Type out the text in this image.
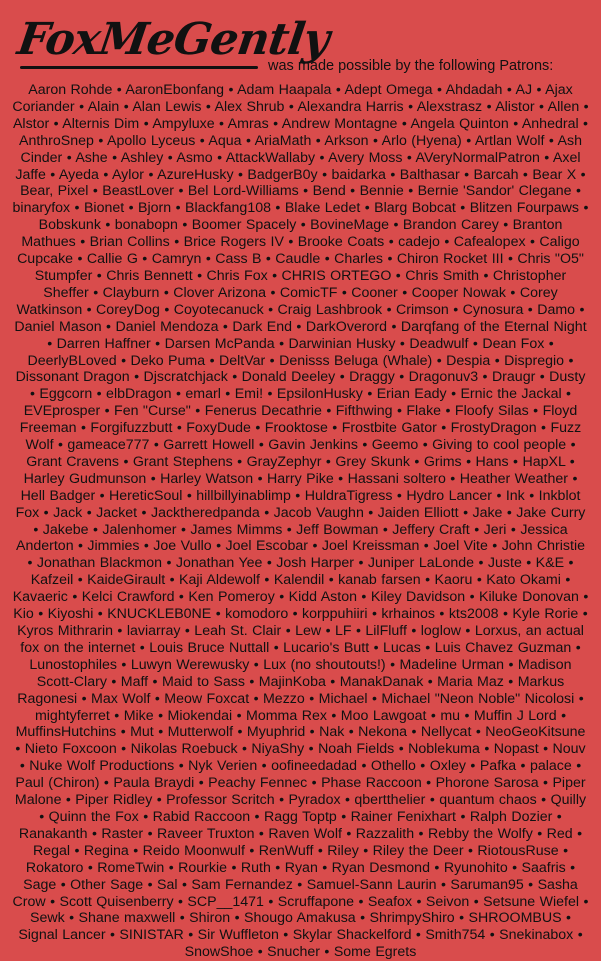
FoxMeGently
was made possible by the following Patrons:
Aaron Rohde • AaronEbonfang • Adam Haapala • Adept Omega • Ahdadah • AJ • Ajax Coriander • Alain • Alan Lewis • Alex Shrub • Alexandra Harris • Alexstrasz • Alistor • Allen • Alstor • Alternis Dim • Ampyluxe • Amras • Andrew Montagne • Angela Quinton • Anhedral • AnthroSnep • Apollo Lyceus • Aqua • AriaMath • Arkson • Arlo (Hyena) • Artlan Wolf • Ash Cinder • Ashe • Ashley • Asmo • AttackWallaby • Avery Moss • AVeryNormalPatron • Axel Jaffe • Ayeda • Aylor • AzureHusky • BadgerB0y • baidarka • Balthasar • Barcah • Bear X • Bear, Pixel • BeastLover • Bel Lord-Williams • Bend • Bennie • Bernie 'Sandor' Clegane • binaryfox • Bionet • Bjorn • Blackfang108 • Blake Ledet • Blarg Bobcat • Blitzen Fourpaws • Bobskunk • bonabopn • Boomer Spacely • BovineMage • Brandon Carey • Branton Mathues • Brian Collins • Brice Rogers IV • Brooke Coats • cadejo • Cafealopex • Caligo Cupcake • Callie G • Camryn • Cass B • Caudle • Charles • Chiron Rocket III • Chris "O5" Stumpfer • Chris Bennett • Chris Fox • CHRIS ORTEGO • Chris Smith • Christopher Sheffer • Clayburn • Clover Arizona • ComicTF • Cooner • Cooper Nowak • Corey Watkinson • CoreyDog • Coyotecanuck • Craig Lashbrook • Crimson • Cynosura • Damo • Daniel Mason • Daniel Mendoza • Dark End • DarkOverord • Darqfang of the Eternal Night • Darren Haffner • Darsen McPanda • Darwinian Husky • Deadwulf • Dean Fox • DeerlyBLoved • Deko Puma • DeltVar • Denisss Beluga (Whale) • Despia • Dispregio • Dissonant Dragon • Djscratchjack • Donald Deeley • Draggy • Dragonuv3 • Draugr • Dusty • Eggcorn • elbDragon • emarl • Emi! • EpsilonHusky • Erian Eady • Ernic the Jackal • EVEprosper • Fen "Curse" • Fenerus Decathrie • Fifthwing • Flake • Floofy Silas • Floyd Freeman • Forgifuzzbutt • FoxyDude • Frooktose • Frostbite Gator • FrostyDragon • Fuzz Wolf • gameace777 • Garrett Howell • Gavin Jenkins • Geemo • Giving to cool people • Grant Cravens • Grant Stephens • GrayZephyr • Grey Skunk • Grims • Hans • HapXL • Harley Gudmunson • Harley Watson • Harry Pike • Hassani soltero • Heather Weather • Hell Badger • HereticSoul • hillbillyinablimp • HuldraTigress • Hydro Lancer • Ink • Inkblot Fox • Jack • Jacket • Jacktheredpanda • Jacob Vaughn • Jaiden Elliott • Jake • Jake Curry • Jakebe • Jalenhomer • James Mimms • Jeff Bowman • Jeffery Craft • Jeri • Jessica Anderton • Jimmies • Joe Vullo • Joel Escobar • Joel Kreissman • Joel Vite • John Christie • Jonathan Blackmon • Jonathan Yee • Josh Harper • Juniper LaLonde • Juste • K&E • Kafzeil • KaideGirault • Kaji Aldewolf • Kalendil • kanab farsen • Kaoru • Kato Okami • Kavaeric • Kelci Crawford • Ken Pomeroy • Kidd Aston • Kiley Davidson • Kiluke Donovan • Kio • Kiyoshi • KNUCKLEB0NE • komodoro • korppuhiiri • krhainos • kts2008 • Kyle Rorie • Kyros Mithrarin • laviarray • Leah St. Clair • Lew • LF • LilFluff • loglow • Lorxus, an actual fox on the internet • Louis Bruce Nuttall • Lucario's Butt • Lucas • Luis Chavez Guzman • Lunostophiles • Luwyn Werewusky • Lux (no shoutouts!) • Madeline Urman • Madison Scott-Clary • Maff • Maid to Sass • MajinKoba • ManakDanak • Maria Maz • Markus Ragonesi • Max Wolf • Meow Foxcat • Mezzo • Michael • Michael "Neon Noble" Nicolosi • mightyferret • Mike • Miokendai • Momma Rex • Moo Lawgoat • mu • Muffin J Lord • MuffinsHutchins • Mut • Mutterwolf • Myuphrid • Nak • Nekona • Nellycat • NeoGeoKitsune • Nieto Foxcoon • Nikolas Roebuck • NiyaShy • Noah Fields • Noblekuma • Nopast • Nouv • Nuke Wolf Productions • Nyk Verien • oofineedadad • Othello • Oxley • Pafka • palace • Paul (Chiron) • Paula Braydi • Peachy Fennec • Phase Raccoon • Phorone Sarosa • Piper Malone • Piper Ridley • Professor Scritch • Pyradox • qbertthelier • quantum chaos • Quilly • Quinn the Fox • Rabid Raccoon • Ragg Toptp • Rainer Fenixhart • Ralph Dozier • Ranakanth • Raster • Raveer Truxton • Raven Wolf • Razzalith • Rebby the Wolfy • Red • Regal • Regina • Reido Moonwulf • RenWuff • Riley • Riley the Deer • RiotousRuse • Rokatoro • RomeTwin • Rourkie • Ruth • Ryan • Ryan Desmond • Ryunohito • Saafris • Sage • Other Sage • Sal • Sam Fernandez • Samuel-Sann Laurin • Saruman95 • Sasha Crow • Scott Quisenberry • SCP__1471 • Scruffapone • Seafox • Seivon • Setsune Wiefel • Sewk • Shane maxwell • Shiron • Shougo Amakusa • ShrimpyShiro • SHROOMBUS • Signal Lancer • SINISTAR • Sir Wuffleton • Skylar Shackelford • Smith754 • Snekinabox • SnowShoe • Snucher • Some Egrets
